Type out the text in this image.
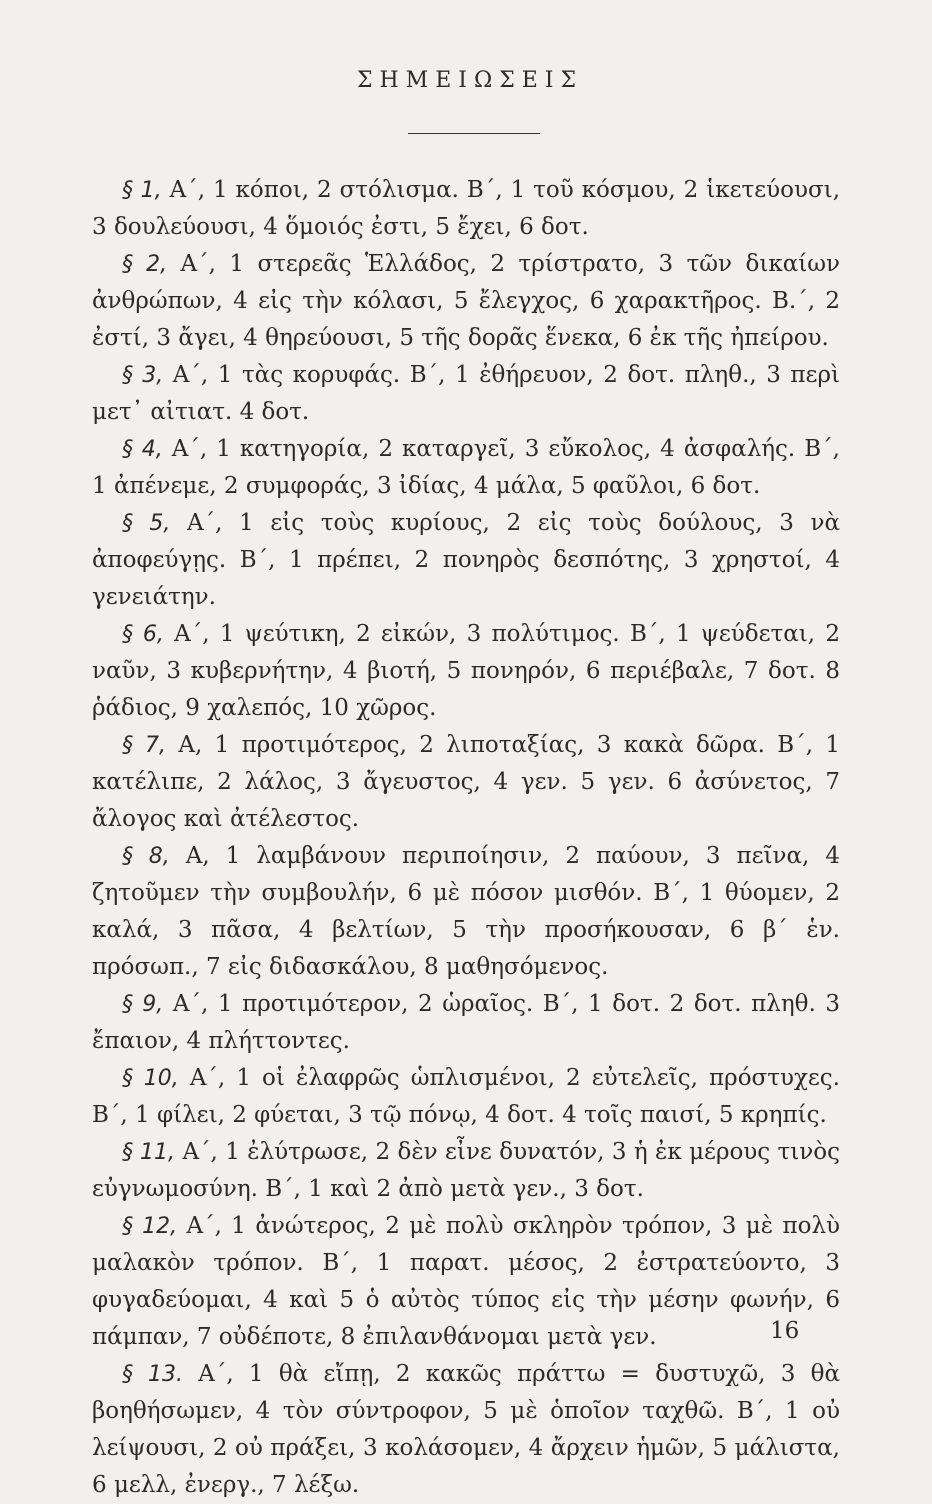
ΣΗΜΕΙΩΣΕΙΣ

§ 1, Α΄, 1 κόποι, 2 στόλισμα. Β΄, 1 τοῦ κόσμου, 2 ἱκετεύουσι, 3 δουλεύουσι, 4 ὅμοιός ἐστι, 5 ἔχει, 6 δοτ.

§ 2, Α΄, 1 στερεᾶς Ἑλλάδος, 2 τρίστρατο, 3 τῶν δικαίων ἀνθρώπων, 4 εἰς τὴν κόλασι, 5 ἔλεγχος, 6 χαρακτῆρος. Β.΄, 2 ἐστί, 3 ἄγει, 4 θηρεύουσι, 5 τῆς δορᾶς ἕνεκα, 6 ἐκ τῆς ἠπείρου.

§ 3, Α΄, 1 τὰς κορυφάς. Β΄, 1 ἐθήρευον, 2 δοτ. πληθ., 3 περὶ μετ᾽ αἰτιατ. 4 δοτ.

§ 4, Α΄, 1 κατηγορία, 2 καταργεῖ, 3 εὔκολος, 4 ἀσφαλής. Β΄, 1 ἀπένεμε, 2 συμφοράς, 3 ἰδίας, 4 μάλα, 5 φαῦλοι, 6 δοτ.

§ 5, Α΄, 1 εἰς τοὺς κυρίους, 2 εἰς τοὺς δούλους, 3 νὰ ἀποφεύγῃς. Β΄, 1 πρέπει, 2 πονηρὸς δεσπότης, 3 χρηστοί, 4 γενειάτην.

§ 6, Α΄, 1 ψεύτικη, 2 εἰκών, 3 πολύτιμος. Β΄, 1 ψεύδεται, 2 ναῦν, 3 κυβερνήτην, 4 βιοτή, 5 πονηρόν, 6 περιέβαλε, 7 δοτ. 8 ῥάδιος, 9 χαλεπός, 10 χῶρος.

§ 7, Α, 1 προτιμότερος, 2 λιποταξίας, 3 κακὰ δῶρα. Β΄, 1 κατέλιπε, 2 λάλος, 3 ἄγευστος, 4 γεν. 5 γεν. 6 ἀσύνετος, 7 ἄλογος καὶ ἀτέλεστος.

§ 8, Α, 1 λαμβάνουν περιποίησιν, 2 παύουν, 3 πεῖνα, 4 ζητοῦμεν τὴν συμβουλήν, 6 μὲ πόσον μισθόν. Β΄, 1 θύομεν, 2 καλά, 3 πᾶσα, 4 βελτίων, 5 τὴν προσήκουσαν, 6 β΄ ἑν. πρόσωπ., 7 εἰς διδασκάλου, 8 μαθησόμενος.

§ 9, Α΄, 1 προτιμότερον, 2 ὡραῖος. Β΄, 1 δοτ. 2 δοτ. πληθ. 3 ἔπαιον, 4 πλήττοντες.

§ 10, Α΄, 1 οἱ ἐλαφρῶς ὡπλισμένοι, 2 εὐτελεῖς, πρόστυχες. Β΄, 1 φίλει, 2 φύεται, 3 τῷ πόνῳ, 4 δοτ. 4 τοῖς παισί, 5 κρηπίς.

§ 11, Α΄, 1 ἐλύτρωσε, 2 δὲν εἶνε δυνατόν, 3 ἡ ἐκ μέρους τινὸς εὐγνωμοσύνη. Β΄, 1 καὶ 2 ἀπὸ μετὰ γεν., 3 δοτ.

§ 12, Α΄, 1 ἀνώτερος, 2 μὲ πολὺ σκληρὸν τρόπον, 3 μὲ πολὺ μαλακὸν τρόπον. Β΄, 1 παρατ. μέσος, 2 ἐστρατεύοντο, 3 φυγαδεύομαι, 4 καὶ 5 ὁ αὐτὸς τύπος εἰς τὴν μέσην φωνήν, 6 πάμπαν, 7 οὐδέποτε, 8 ἐπιλανθάνομαι μετὰ γεν.

§ 13. Α΄, 1 θὰ εἴπῃ, 2 κακῶς πράττω = δυστυχῶ, 3 θὰ βοηθήσωμεν, 4 τὸν σύντροφον, 5 μὲ ὁποῖον ταχθῶ. Β΄, 1 οὐ λείψουσι, 2 οὐ πράξει, 3 κολάσομεν, 4 ἄρχειν ἡμῶν, 5 μάλιστα, 6 μελλ, ἐνεργ., 7 λέξω.

16
